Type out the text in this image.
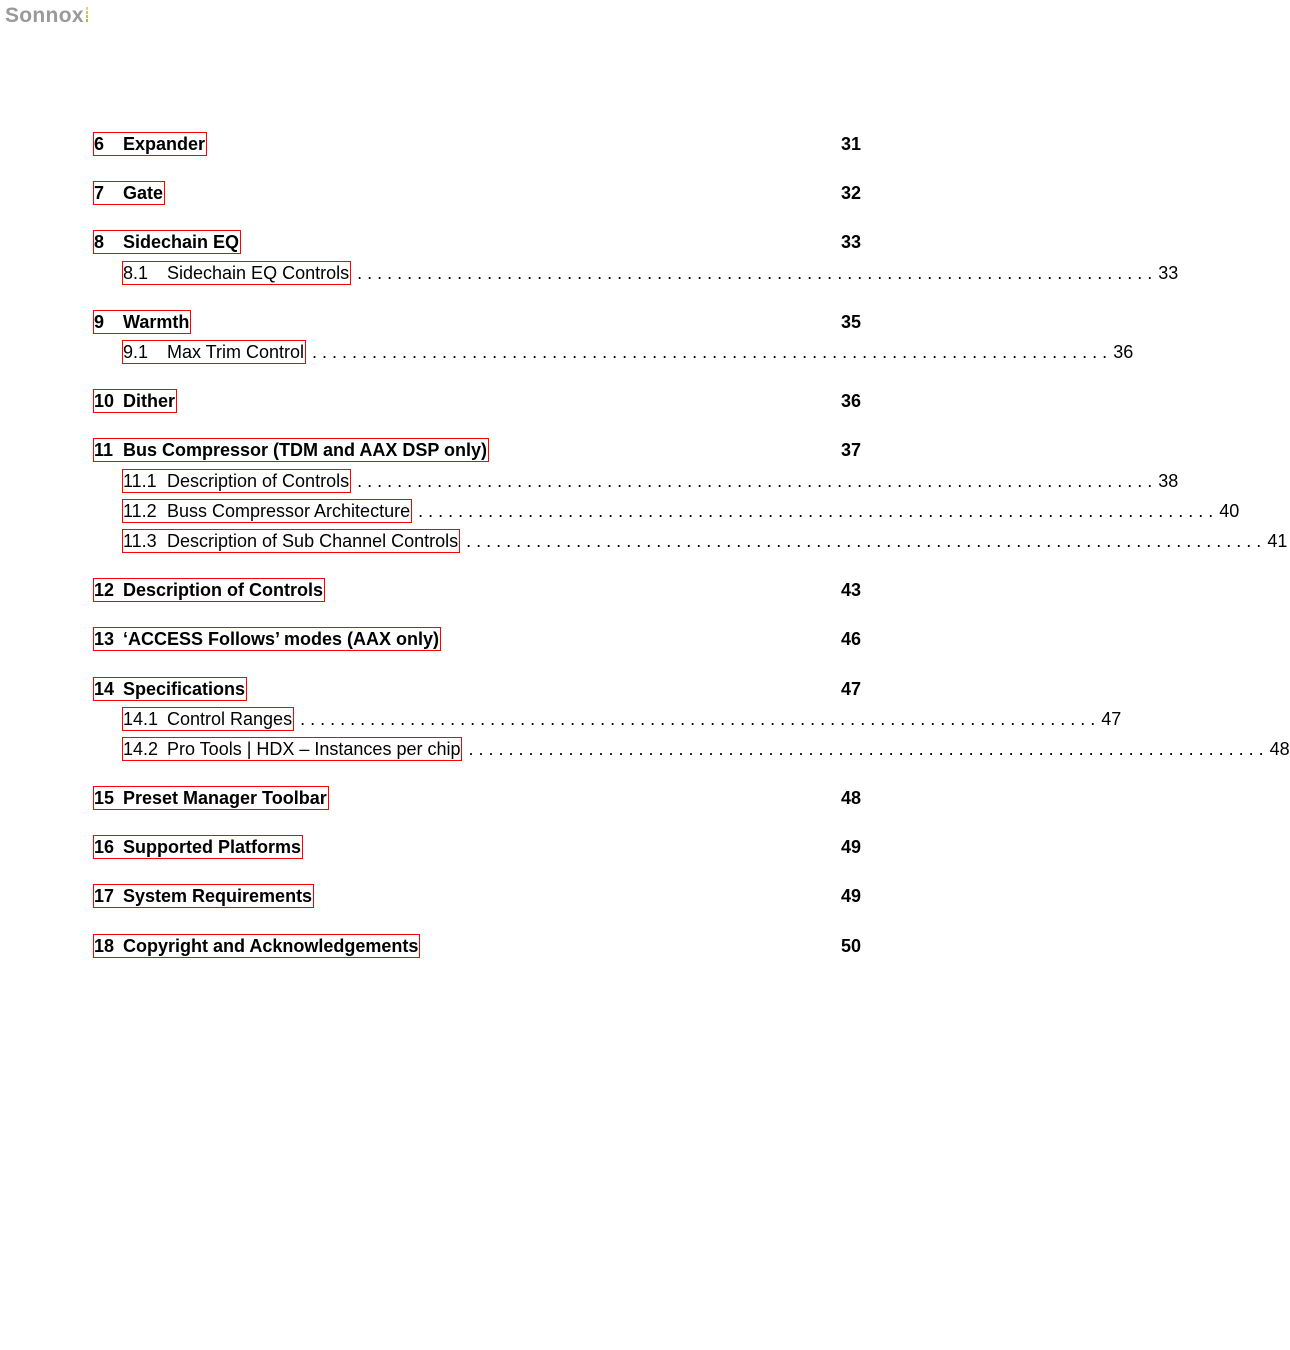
Sonnox
6	Expander	31
7	Gate	32
8	Sidechain EQ	33
8.1	Sidechain EQ Controls . . . . . . . . . . . . . . . . . . . . . . . . . . . . . . . . . . . . . . . . . . . . . . . . . . . . . . . . . . . . . . . . . . . . . . . . . . . . . . . . 33
9	Warmth	35
9.1	Max Trim Control . . . . . . . . . . . . . . . . . . . . . . . . . . . . . . . . . . . . . . . . . . . . . . . . . . . . . . . . . . . . . . . . . . . . . . . . . . . . . . . . 36
10 Dither	36
11 Bus Compressor (TDM and AAX DSP only)	37
11.1 Description of Controls . . . . . . . . . . . . . . . . . . . . . . . . . . . . . . . . . . . . . . . . . . . . . . . . . . . . . . . . . . . . . . . . . . . . . . . . . . . . . . . . 38
11.2 Buss Compressor Architecture . . . . . . . . . . . . . . . . . . . . . . . . . . . . . . . . . . . . . . . . . . . . . . . . . . . . . . . . . . . . . . . . . . . . . . . . . . . . . . . . 40
11.3 Description of Sub Channel Controls . . . . . . . . . . . . . . . . . . . . . . . . . . . . . . . . . . . . . . . . . . . . . . . . . . . . . . . . . . . . . . . . . . . . . . . . . . . . . . . . 41
12 Description of Controls	43
13 ‘ACCESS Follows’ modes (AAX only)	46
14 Specifications	47
14.1 Control Ranges . . . . . . . . . . . . . . . . . . . . . . . . . . . . . . . . . . . . . . . . . . . . . . . . . . . . . . . . . . . . . . . . . . . . . . . . . . . . . . . . 47
14.2 Pro Tools | HDX – Instances per chip . . . . . . . . . . . . . . . . . . . . . . . . . . . . . . . . . . . . . . . . . . . . . . . . . . . . . . . . . . . . . . . . . . . . . . . . . . . . . . . . 48
15 Preset Manager Toolbar	48
16 Supported Platforms	49
17 System Requirements	49
18 Copyright and Acknowledgements	50
